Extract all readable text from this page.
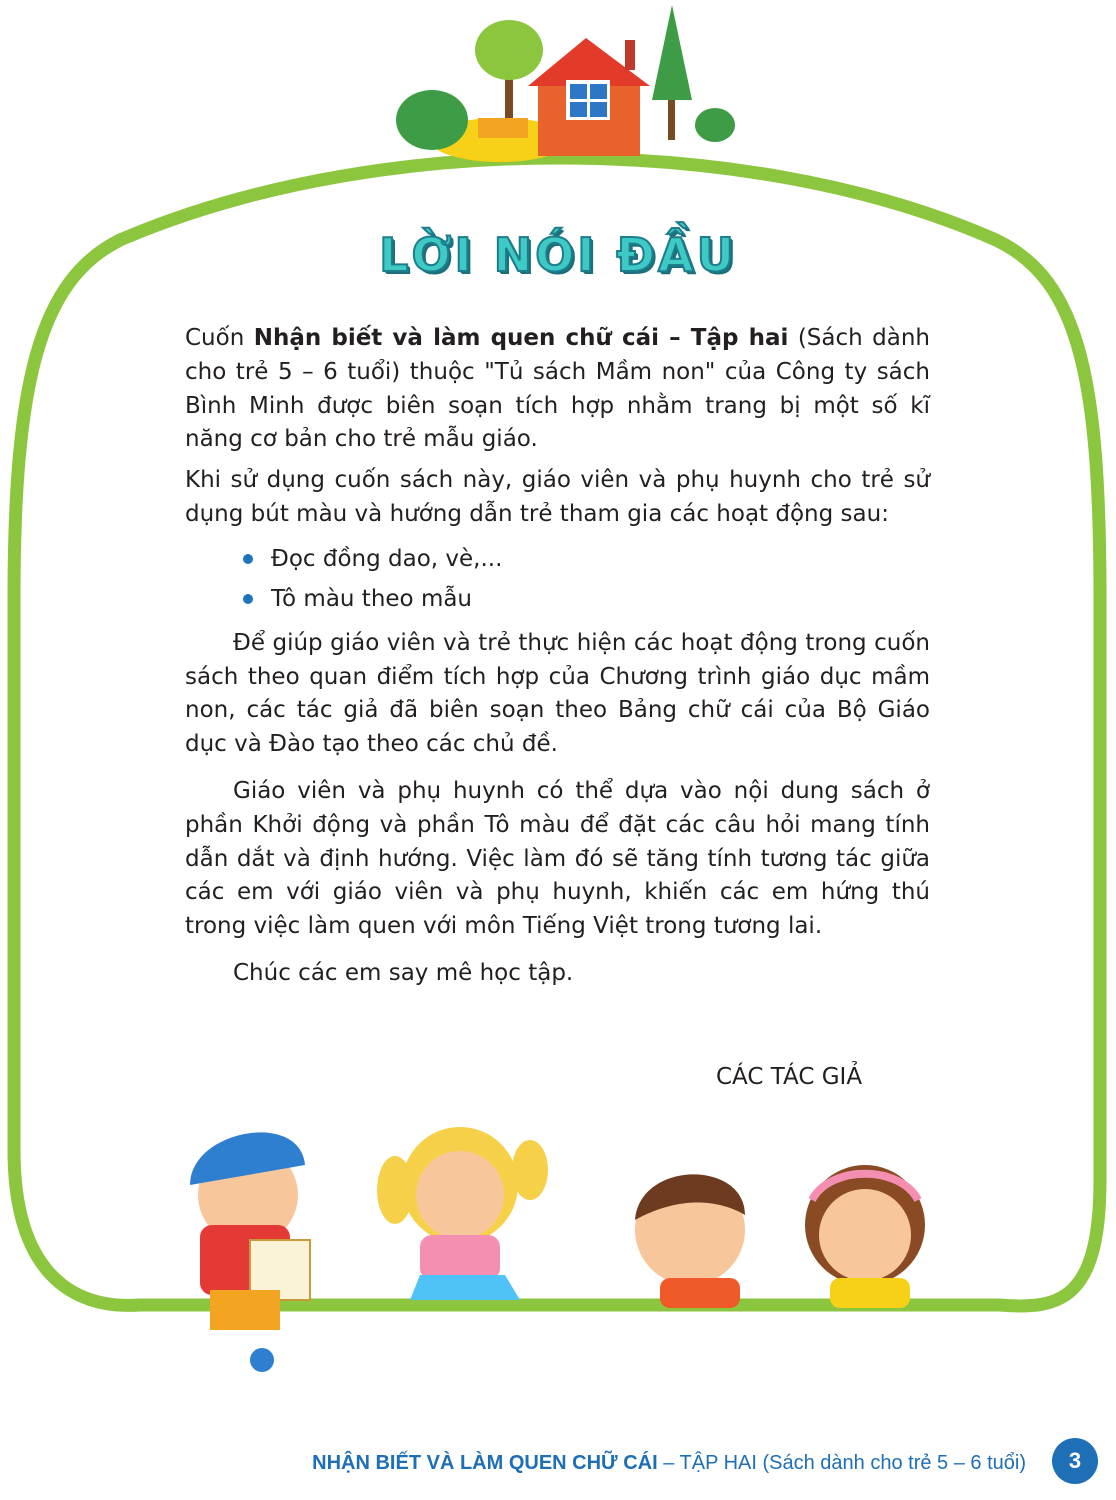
LỜI NÓI ĐẦU

Cuốn Nhận biết và làm quen chữ cái – Tập hai (Sách dành cho trẻ 5 – 6 tuổi) thuộc "Tủ sách Mầm non" của Công ty sách Bình Minh được biên soạn tích hợp nhằm trang bị một số kĩ năng cơ bản cho trẻ mẫu giáo.

Khi sử dụng cuốn sách này, giáo viên và phụ huynh cho trẻ sử dụng bút màu và hướng dẫn trẻ tham gia các hoạt động sau:

Đọc đồng dao, vè,...
Tô màu theo mẫu

Để giúp giáo viên và trẻ thực hiện các hoạt động trong cuốn sách theo quan điểm tích hợp của Chương trình giáo dục mầm non, các tác giả đã biên soạn theo Bảng chữ cái của Bộ Giáo dục và Đào tạo theo các chủ đề.

Giáo viên và phụ huynh có thể dựa vào nội dung sách ở phần Khởi động và phần Tô màu để đặt các câu hỏi mang tính dẫn dắt và định hướng. Việc làm đó sẽ tăng tính tương tác giữa các em với giáo viên và phụ huynh, khiến các em hứng thú trong việc làm quen với môn Tiếng Việt trong tương lai.

Chúc các em say mê học tập.

CÁC TÁC GIẢ
NHẬN BIẾT VÀ LÀM QUEN CHỮ CÁI – TẬP HAI (Sách dành cho trẻ 5 – 6 tuổi)	3
